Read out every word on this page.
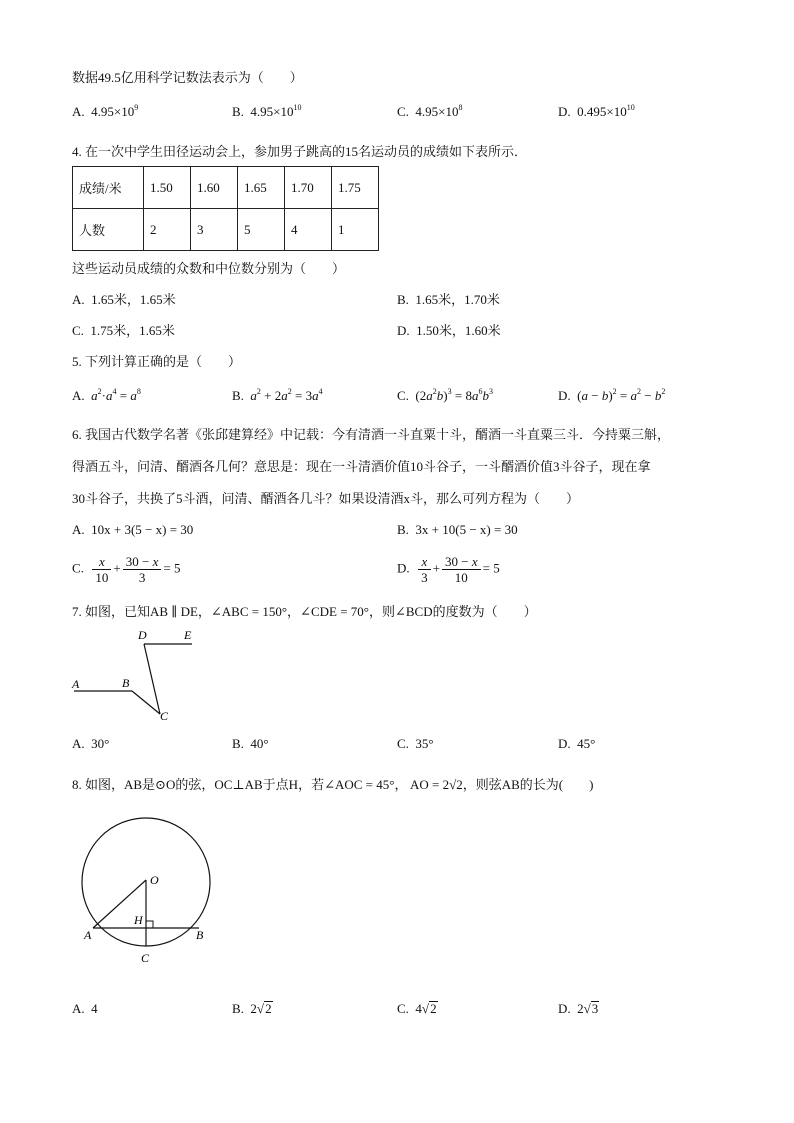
数据49.5亿用科学记数法表示为（　　）
A. $4.95\times 10^9$	B. $4.95\times 10^{10}$	C. $4.95\times 10^8$	D. $0.495\times 10^{10}$
4. 在一次中学生田径运动会上，参加男子跳高的15名运动员的成绩如下表所示．
成绩/米	1.50	1.60	1.65	1.70	1.75
人数	2	3	5	4	1
这些运动员成绩的众数和中位数分别为（　　）
A. 1.65米，1.65米	B. 1.65米，1.70米
C. 1.75米，1.65米	D. 1.50米，1.60米
5. 下列计算正确的是（　　）
A. $a^2\cdot a^4 = a^8$	B. $a^2 + 2a^2 = 3a^4$	C.  $(2a^2b)^3 = 8a^6b^3$	D.  $(a - b)^2 = a^2 - b^2$
6. 我国古代数学名著《张邱建算经》中记载：今有清酒一斗直粟十斗，醑酒一斗直粟三斗．今持粟三斛，
得酒五斗，问清、醑酒各几何？意思是：现在一斗清酒价值10斗谷子，一斗醑酒价值3斗谷子，现在拿
30斗谷子，共换了5斗酒，问清、醑酒各几斗？如果设清酒x斗，那么可列方程为（　　）
A. 10x + 3(5 − x) = 30	B. 3x + 10(5 − x) = 30
C. $\frac{x}{10} + \frac{30 - x}{3} = 5$	D. $\frac{x}{3} + \frac{30 - x}{10} = 5$
7. 如图，已知AB ∥ DE，∠ABC = 150°，∠CDE = 70°，则∠BCD的度数为（　　）
A	B
C
D	E
A. 30°	B. 40°	C. 35°	D. 45°
8. 如图，AB是⊙O的弦，OC⊥AB于点H，若∠AOC = 45°， AO = 2√2，则弦AB的长为(　　)
O
H
A	B
C
A. 4	B.  2√2	C.  4√2	D.  2√3
